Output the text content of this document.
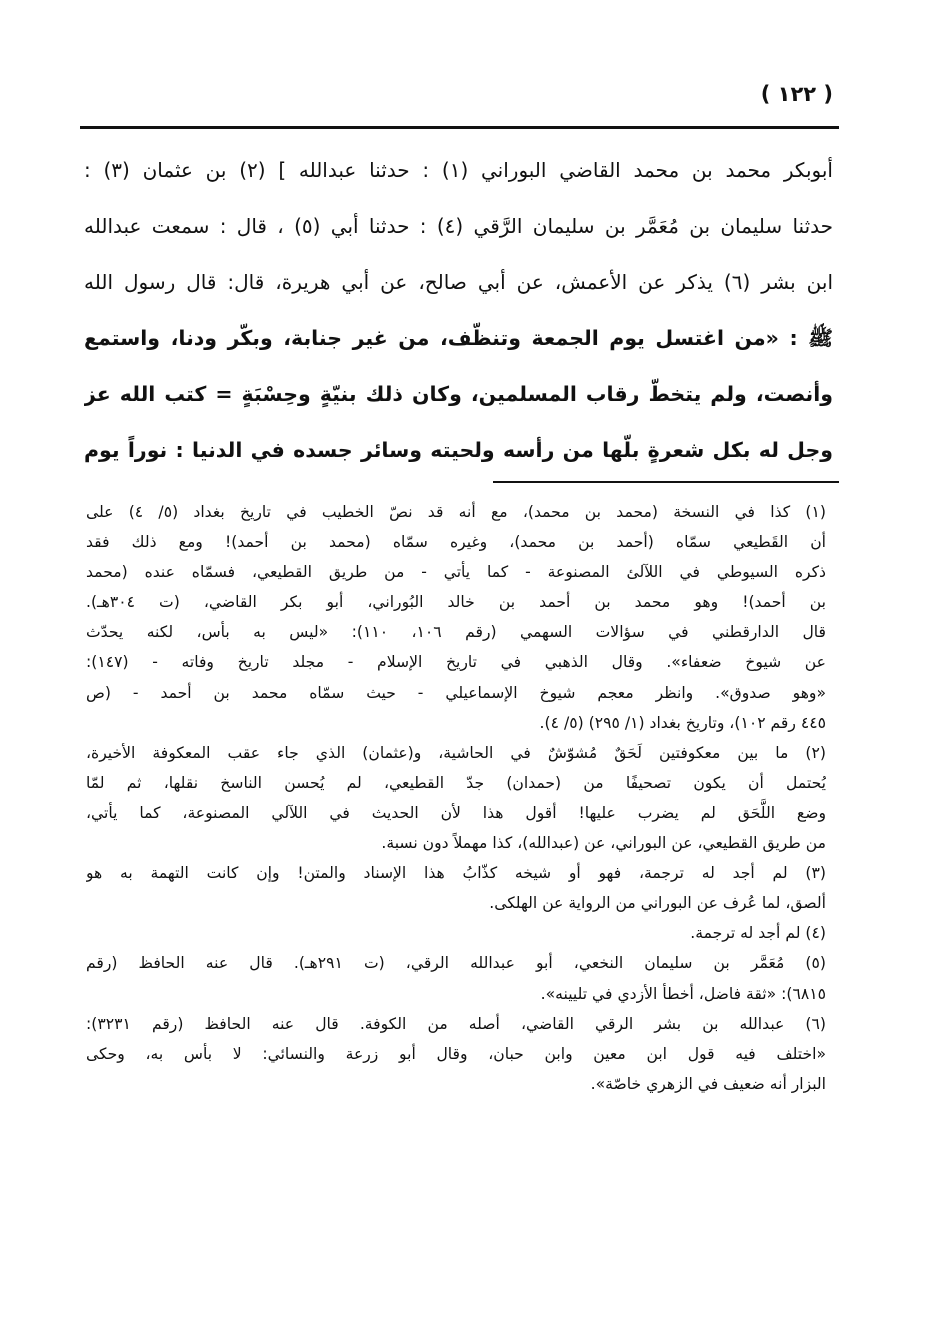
( ١٢٢ )
أبوبكر محمد بن محمد القاضي البوراني (١) : حدثنا عبدالله ] (٢) بن عثمان (٣) :
حدثنا سليمان بن مُعَمَّر بن سليمان الرَّقي (٤) : حدثنا أبي (٥) ، قال : سمعت عبدالله
ابن بشر (٦) يذكر عن الأعمش، عن أبي صالح، عن أبي هريرة، قال: قال رسول الله
ﷺ : «من اغتسل يوم الجمعة وتنظّف، من غير جنابة، وبكّر ودنا، واستمع
وأنصت، ولم يتخطّ رقاب المسلمين، وكان ذلك بنيّةٍ وحِسْبَةٍ = كتب الله عز
وجل له بكل شعرةٍ بلّها من رأسه ولحيته وسائر جسده في الدنيا : نوراً يوم
(١) كذا في النسخة (محمد بن محمد)، مع أنه قد نصّ الخطيب في تاريخ بغداد (٥/ ٤) على
أن القَطيعي سمّاه (أحمد بن محمد)، وغيره سمّاه (محمد بن أحمد)! ومع ذلك فقد
ذكره السيوطي في اللآلئ المصنوعة - كما يأتي - من طريق القطيعي، فسمّاه عنده (محمد
بن أحمد)! وهو محمد بن أحمد بن خالد البُوراني، أبو بكر القاضي، (ت ٣٠٤هـ).
قال الدارقطني في سؤالات السهمي (رقم ١٠٦، ١١٠): «ليس به بأس، لكنه يحدّث
عن شيوخ ضعفاء». وقال الذهبي في تاريخ الإسلام - مجلد تاريخ وفاته - (١٤٧):
«وهو صدوق». وانظر معجم شيوخ الإسماعيلي - حيث سمّاه محمد بن أحمد - (ص
٤٤٥ رقم ١٠٢)، وتاريخ بغداد (١/ ٢٩٥) (٥/ ٤).
(٢) ما بين معكوفتين لَحَقٌ مُشوّشٌ في الحاشية، و(عثمان) الذي جاء عقب المعكوفة الأخيرة،
يُحتمل أن يكون تصحيفًا من (حمدان) جدّ القطيعي، لم يُحسن الناسخ نقلها، ثم لمّا
وضع اللَّحَق لم يضرب عليها! أقول هذا لأن الحديث في اللآلي المصنوعة، كما يأتي،
من طريق القطيعي، عن البوراني، عن (عبدالله)، كذا مهملاً دون نسبة.
(٣) لم أجد له ترجمة، فهو أو شيخه كذّابُ هذا الإسناد والمتن! وإن كانت التهمة به هو
ألصق، لما عُرف عن البوراني من الرواية عن الهلكى.
(٤) لم أجد له ترجمة.
(٥) مُعَمَّر بن سليمان النخعي، أبو عبدالله الرقي، (ت ٢٩١هـ). قال عنه الحافظ (رقم
٦٨١٥): «ثقة فاضل، أخطأ الأزدي في تليينه».
(٦) عبدالله بن بشر الرقي القاضي، أصله من الكوفة. قال عنه الحافظ (رقم ٣٢٣١):
«اختلف فيه قول ابن معين وابن حبان، وقال أبو زرعة والنسائي: لا بأس به، وحكى
البزار أنه ضعيف في الزهري خاصّة».
